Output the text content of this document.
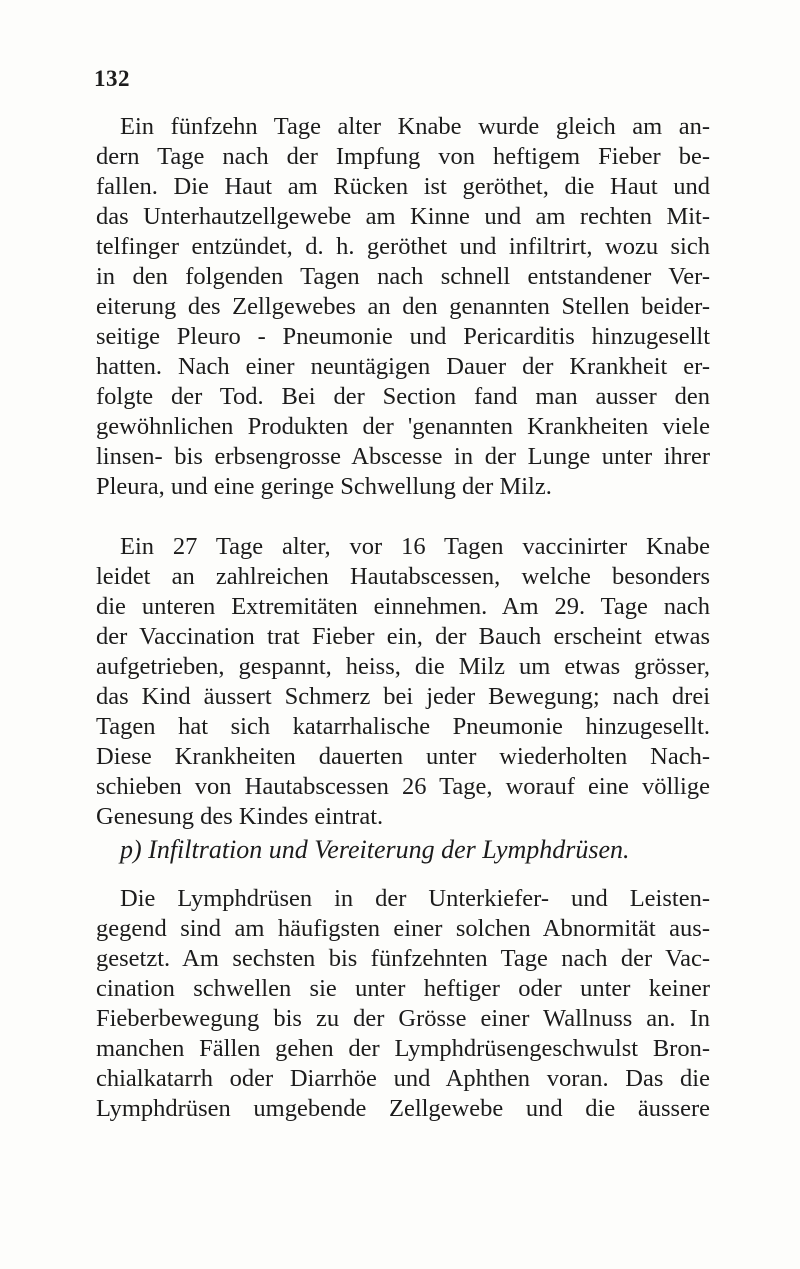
132
Ein fünfzehn Tage alter Knabe wurde gleich am an-
dern Tage nach der Impfung von heftigem Fieber be-
fallen. Die Haut am Rücken ist geröthet, die Haut und
das Unterhautzellgewebe am Kinne und am rechten Mit-
telfinger entzündet, d. h. geröthet und infiltrirt, wozu sich
in den folgenden Tagen nach schnell entstandener Ver-
eiterung des Zellgewebes an den genannten Stellen beider-
seitige Pleuro - Pneumonie und Pericarditis hinzugesellt
hatten. Nach einer neuntägigen Dauer der Krankheit er-
folgte der Tod. Bei der Section fand man ausser den
gewöhnlichen Produkten der 'genannten Krankheiten viele
linsen- bis erbsengrosse Abscesse in der Lunge unter ihrer
Pleura, und eine geringe Schwellung der Milz.
Ein 27 Tage alter, vor 16 Tagen vaccinirter Knabe
leidet an zahlreichen Hautabscessen, welche besonders
die unteren Extremitäten einnehmen. Am 29. Tage nach
der Vaccination trat Fieber ein, der Bauch erscheint etwas
aufgetrieben, gespannt, heiss, die Milz um etwas grösser,
das Kind äussert Schmerz bei jeder Bewegung; nach drei
Tagen hat sich katarrhalische Pneumonie hinzugesellt.
Diese Krankheiten dauerten unter wiederholten Nach-
schieben von Hautabscessen 26 Tage, worauf eine völlige
Genesung des Kindes eintrat.
p) Infiltration und Vereiterung der Lymphdrüsen.
Die Lymphdrüsen in der Unterkiefer- und Leisten-
gegend sind am häufigsten einer solchen Abnormität aus-
gesetzt. Am sechsten bis fünfzehnten Tage nach der Vac-
cination schwellen sie unter heftiger oder unter keiner
Fieberbewegung bis zu der Grösse einer Wallnuss an. In
manchen Fällen gehen der Lymphdrüsengeschwulst Bron-
chialkatarrh oder Diarrhöe und Aphthen voran. Das die
Lymphdrüsen umgebende Zellgewebe und die äussere
